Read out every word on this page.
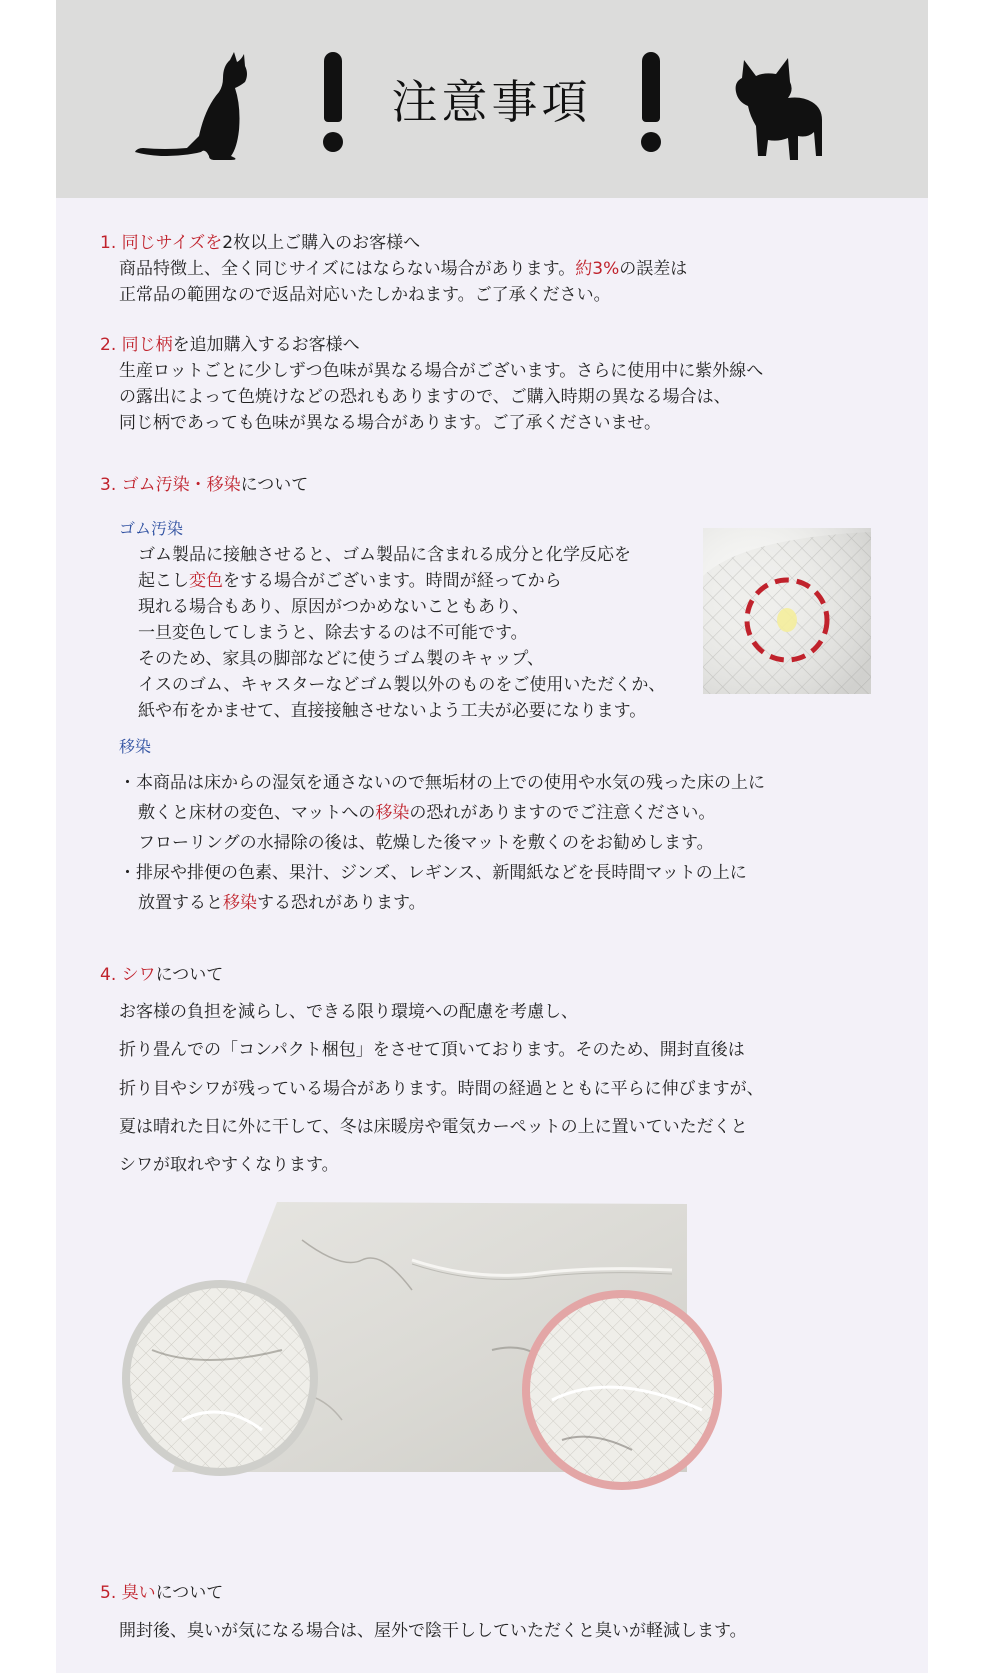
注意事項
1. 同じサイズを2枚以上ご購入のお客様へ
商品特徴上、全く同じサイズにはならない場合があります。約3%の誤差は
正常品の範囲なので返品対応いたしかねます。ご了承ください。
2. 同じ柄を追加購入するお客様へ
生産ロットごとに少しずつ色味が異なる場合がございます。さらに使用中に紫外線へ
の露出によって色焼けなどの恐れもありますので、ご購入時期の異なる場合は、
同じ柄であっても色味が異なる場合があります。ご了承くださいませ。
3. ゴム汚染・移染について
ゴム汚染
ゴム製品に接触させると、ゴム製品に含まれる成分と化学反応を
起こし変色をする場合がございます。時間が経ってから
現れる場合もあり、原因がつかめないこともあり、
一旦変色してしまうと、除去するのは不可能です。
そのため、家具の脚部などに使うゴム製のキャップ、
イスのゴム、キャスターなどゴム製以外のものをご使用いただくか、
紙や布をかませて、直接接触させないよう工夫が必要になります。
移染
・本商品は床からの湿気を通さないので無垢材の上での使用や水気の残った床の上に
敷くと床材の変色、マットへの移染の恐れがありますのでご注意ください。
フローリングの水掃除の後は、乾燥した後マットを敷くのをお勧めします。
・排尿や排便の色素、果汁、ジンズ、レギンス、新聞紙などを長時間マットの上に
放置すると移染する恐れがあります。
4. シワについて
お客様の負担を減らし、できる限り環境への配慮を考慮し、
折り畳んでの「コンパクト梱包」をさせて頂いております。そのため、開封直後は
折り目やシワが残っている場合があります。時間の経過とともに平らに伸びますが、
夏は晴れた日に外に干して、冬は床暖房や電気カーペットの上に置いていただくと
シワが取れやすくなります。
5. 臭いについて
開封後、臭いが気になる場合は、屋外で陰干ししていただくと臭いが軽減します。
